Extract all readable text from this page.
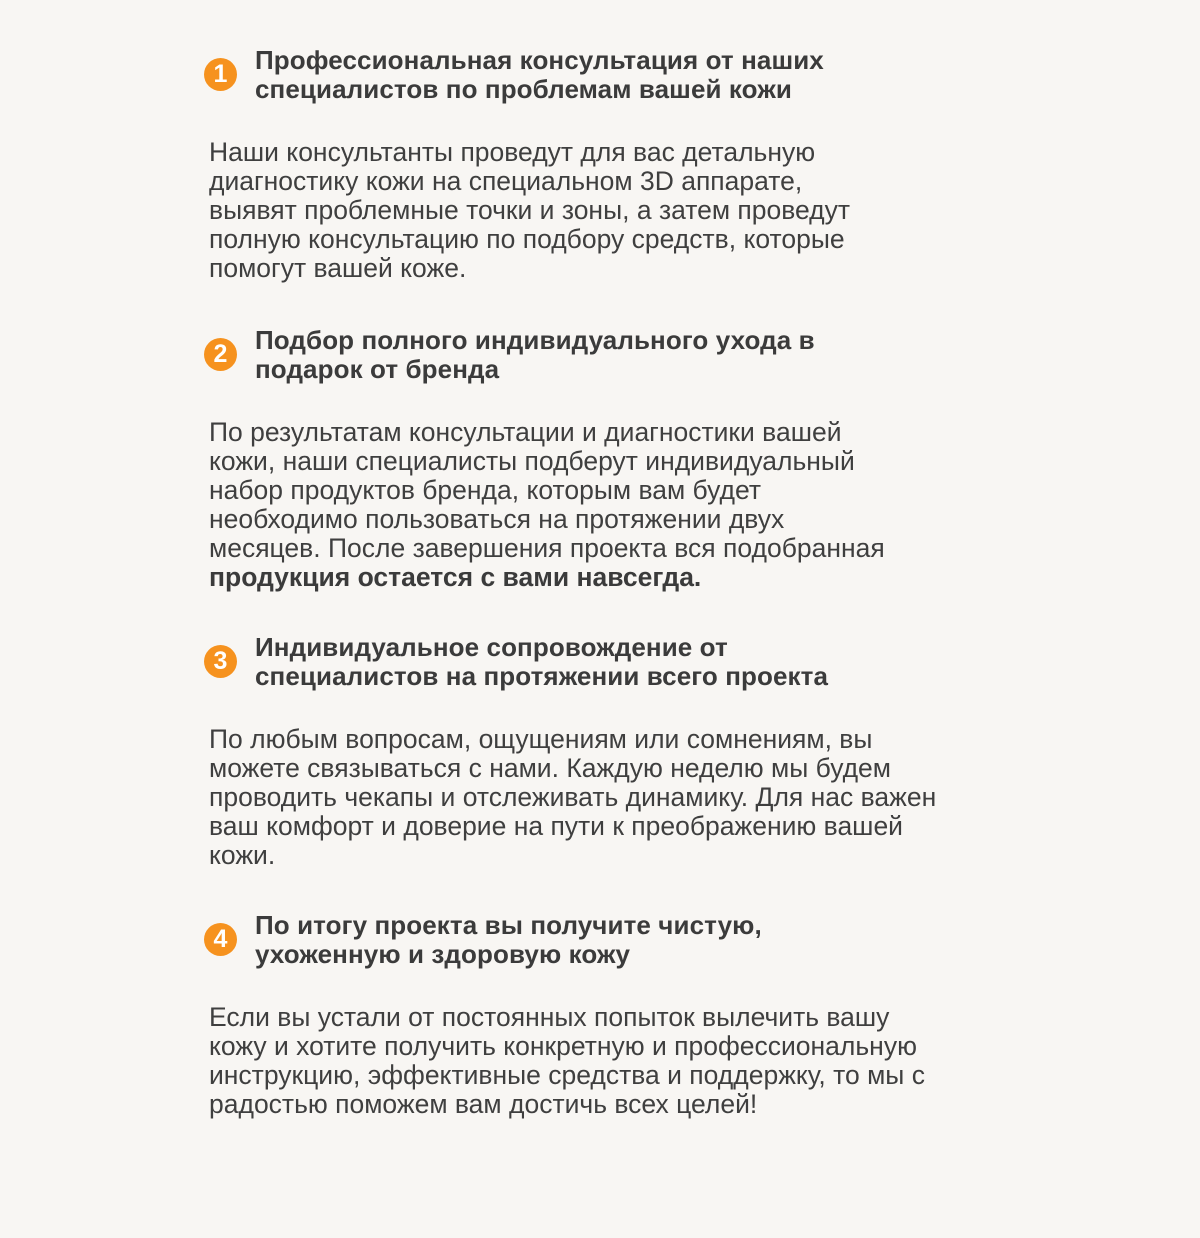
1	Профессиональная консультация от наших
специалистов по проблемам вашей кожи

Наши консультанты проведут для вас детальную
диагностику кожи на специальном 3D аппарате,
выявят проблемные точки и зоны, а затем проведут
полную консультацию по подбору средств, которые
помогут вашей коже.

2	Подбор полного индивидуального ухода в
подарок от бренда

По результатам консультации и диагностики вашей
кожи, наши специалисты подберут индивидуальный
набор продуктов бренда, которым вам будет
необходимо пользоваться на протяжении двух
месяцев. После завершения проекта вся подобранная
продукция остается с вами навсегда.

3	Индивидуальное сопровождение от
специалистов на протяжении всего проекта

По любым вопросам, ощущениям или сомнениям, вы
можете связываться с нами. Каждую неделю мы будем
проводить чекапы и отслеживать динамику. Для нас важен
ваш комфорт и доверие на пути к преображению вашей
кожи.

4	По итогу проекта вы получите чистую,
ухоженную и здоровую кожу

Если вы устали от постоянных попыток вылечить вашу
кожу и хотите получить конкретную и профессиональную
инструкцию, эффективные средства и поддержку, то мы с
радостью поможем вам достичь всех целей!
